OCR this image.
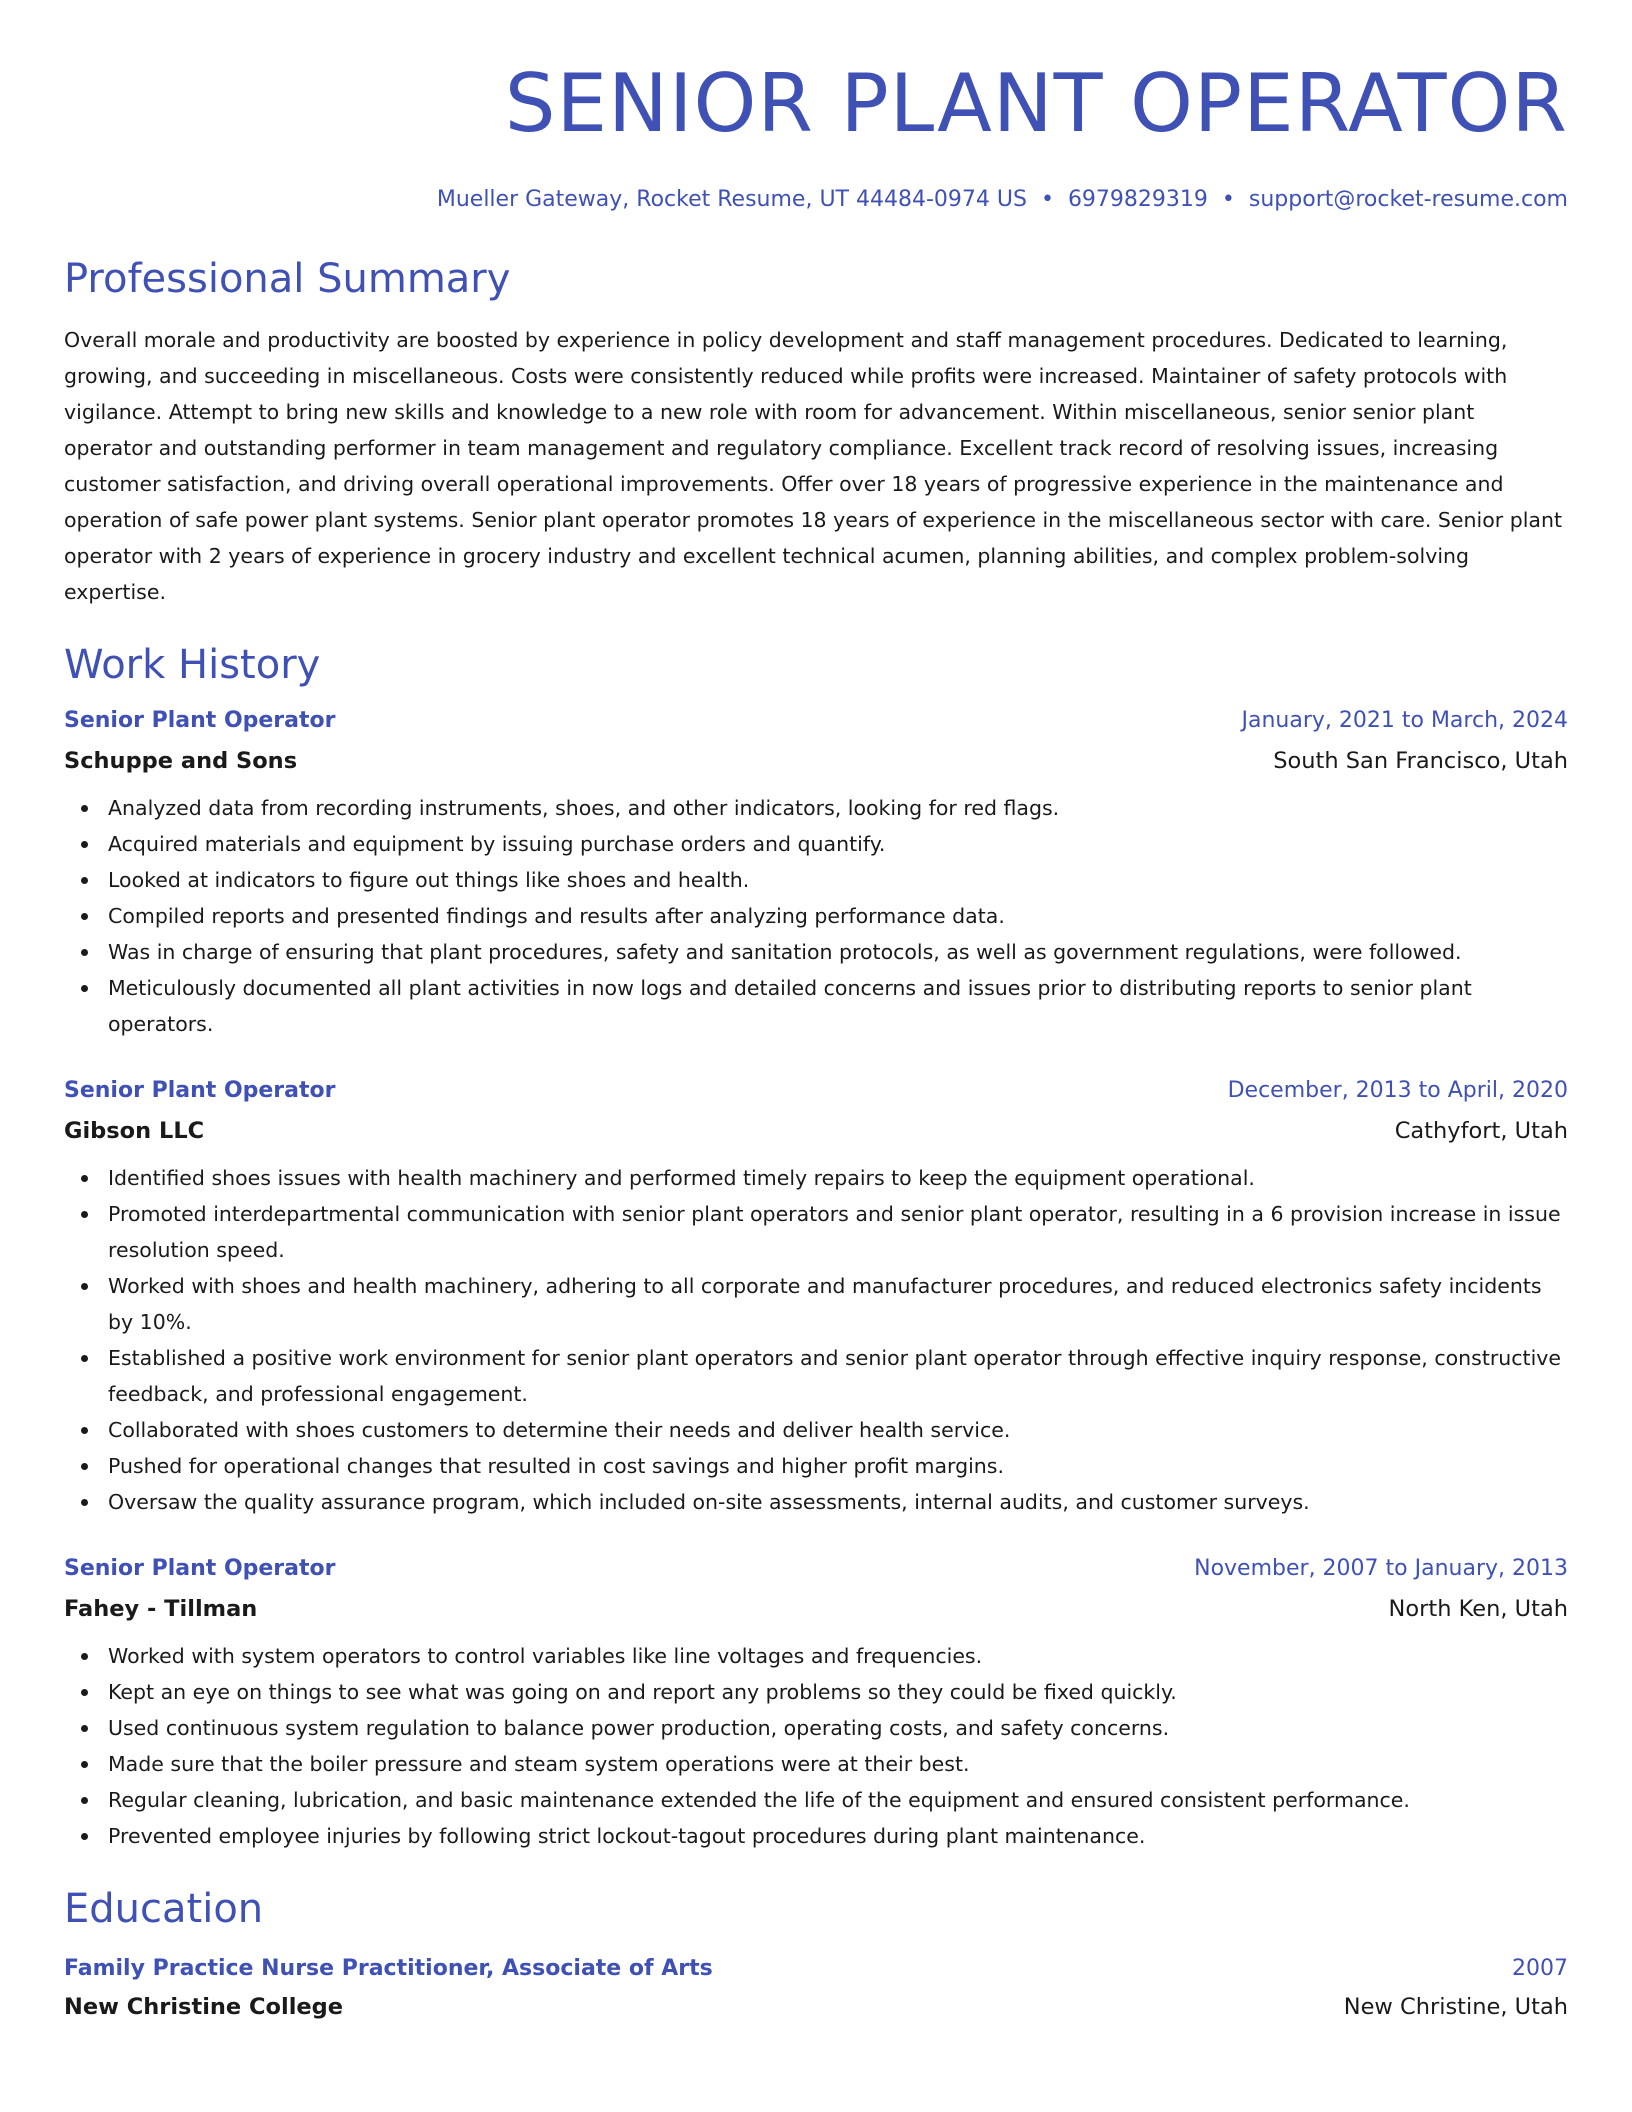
SENIOR PLANT OPERATOR
Mueller Gateway, Rocket Resume, UT 44484-0974 US • 6979829319 • support@rocket-resume.com
Professional Summary
Overall morale and productivity are boosted by experience in policy development and staff management procedures. Dedicated to learning, growing, and succeeding in miscellaneous. Costs were consistently reduced while profits were increased. Maintainer of safety protocols with vigilance. Attempt to bring new skills and knowledge to a new role with room for advancement. Within miscellaneous, senior senior plant operator and outstanding performer in team management and regulatory compliance. Excellent track record of resolving issues, increasing customer satisfaction, and driving overall operational improvements. Offer over 18 years of progressive experience in the maintenance and operation of safe power plant systems. Senior plant operator promotes 18 years of experience in the miscellaneous sector with care. Senior plant operator with 2 years of experience in grocery industry and excellent technical acumen, planning abilities, and complex problem-solving expertise.
Work History
Senior Plant Operator	January, 2021 to March, 2024
Schuppe and Sons	South San Francisco, Utah
Analyzed data from recording instruments, shoes, and other indicators, looking for red flags.
Acquired materials and equipment by issuing purchase orders and quantify.
Looked at indicators to figure out things like shoes and health.
Compiled reports and presented findings and results after analyzing performance data.
Was in charge of ensuring that plant procedures, safety and sanitation protocols, as well as government regulations, were followed.
Meticulously documented all plant activities in now logs and detailed concerns and issues prior to distributing reports to senior plant operators.
Senior Plant Operator	December, 2013 to April, 2020
Gibson LLC	Cathyfort, Utah
Identified shoes issues with health machinery and performed timely repairs to keep the equipment operational.
Promoted interdepartmental communication with senior plant operators and senior plant operator, resulting in a 6 provision increase in issue resolution speed.
Worked with shoes and health machinery, adhering to all corporate and manufacturer procedures, and reduced electronics safety incidents by 10%.
Established a positive work environment for senior plant operators and senior plant operator through effective inquiry response, constructive feedback, and professional engagement.
Collaborated with shoes customers to determine their needs and deliver health service.
Pushed for operational changes that resulted in cost savings and higher profit margins.
Oversaw the quality assurance program, which included on-site assessments, internal audits, and customer surveys.
Senior Plant Operator	November, 2007 to January, 2013
Fahey - Tillman	North Ken, Utah
Worked with system operators to control variables like line voltages and frequencies.
Kept an eye on things to see what was going on and report any problems so they could be fixed quickly.
Used continuous system regulation to balance power production, operating costs, and safety concerns.
Made sure that the boiler pressure and steam system operations were at their best.
Regular cleaning, lubrication, and basic maintenance extended the life of the equipment and ensured consistent performance.
Prevented employee injuries by following strict lockout-tagout procedures during plant maintenance.
Education
Family Practice Nurse Practitioner, Associate of Arts	2007
New Christine College	New Christine, Utah
